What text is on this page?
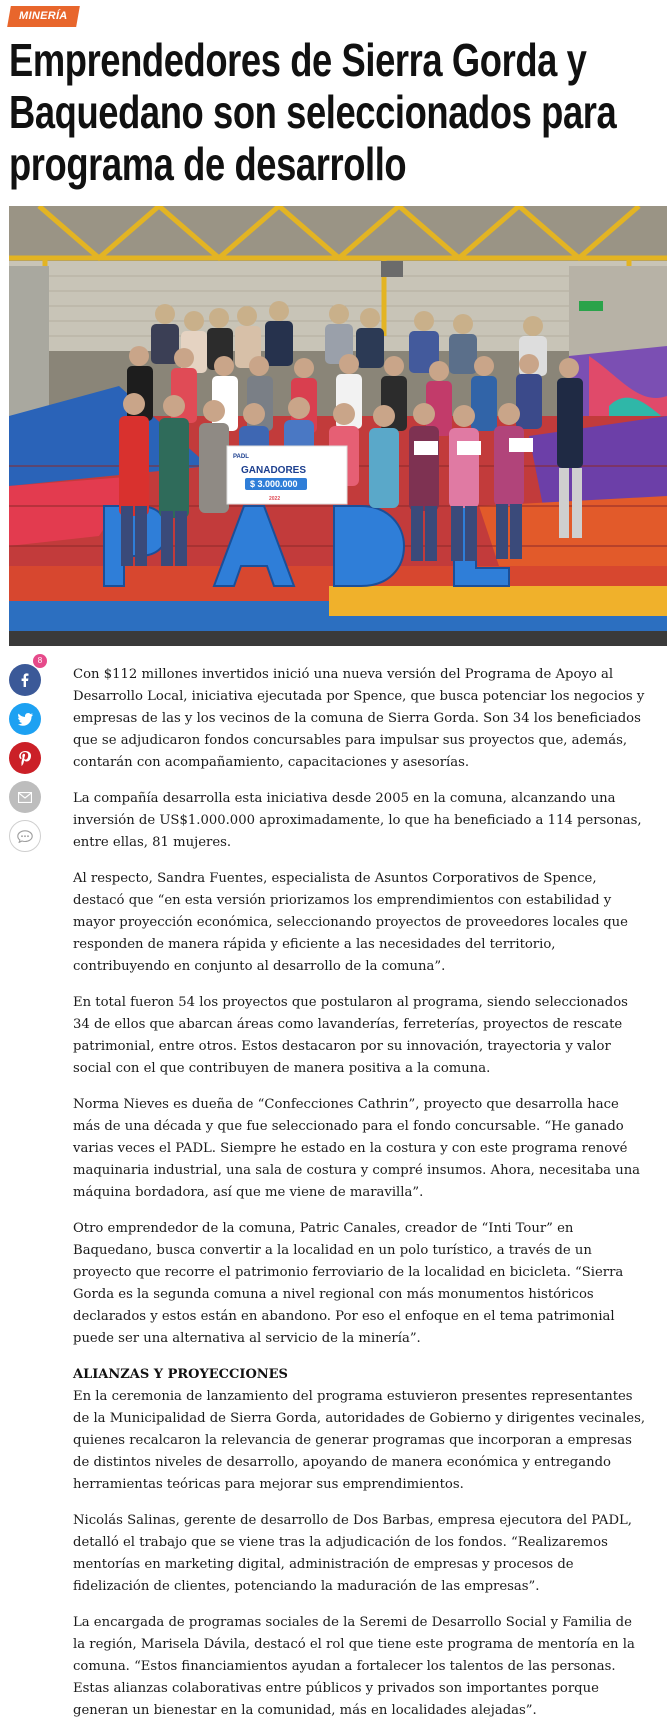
MINERÍA
Emprendedores de Sierra Gorda y Baquedano son seleccionados para programa de desarrollo
PADL
GANADORES
$ 3.000.000
2022
8

Con $112 millones invertidos inició una nueva versión del Programa de Apoyo al Desarrollo Local, iniciativa ejecutada por Spence, que busca potenciar los negocios y empresas de las y los vecinos de la comuna de Sierra Gorda. Son 34 los beneficiados que se adjudicaron fondos concursables para impulsar sus proyectos que, además, contarán con acompañamiento, capacitaciones y asesorías.

La compañía desarrolla esta iniciativa desde 2005 en la comuna, alcanzando una inversión de US$1.000.000 aproximadamente, lo que ha beneficiado a 114 personas, entre ellas, 81 mujeres.

Al respecto, Sandra Fuentes, especialista de Asuntos Corporativos de Spence, destacó que “en esta versión priorizamos los emprendimientos con estabilidad y mayor proyección económica, seleccionando proyectos de proveedores locales que responden de manera rápida y eficiente a las necesidades del territorio, contribuyendo en conjunto al desarrollo de la comuna”.

En total fueron 54 los proyectos que postularon al programa, siendo seleccionados 34 de ellos que abarcan áreas como lavanderías, ferreterías, proyectos de rescate patrimonial, entre otros. Estos destacaron por su innovación, trayectoria y valor social con el que contribuyen de manera positiva a la comuna.

Norma Nieves es dueña de “Confecciones Cathrin”, proyecto que desarrolla hace más de una década y que fue seleccionado para el fondo concursable. “He ganado varias veces el PADL. Siempre he estado en la costura y con este programa renové maquinaria industrial, una sala de costura y compré insumos. Ahora, necesitaba una máquina bordadora, así que me viene de maravilla”.

Otro emprendedor de la comuna, Patric Canales, creador de “Inti Tour” en Baquedano, busca convertir a la localidad en un polo turístico, a través de un proyecto que recorre el patrimonio ferroviario de la localidad en bicicleta. “Sierra Gorda es la segunda comuna a nivel regional con más monumentos históricos declarados y estos están en abandono. Por eso el enfoque en el tema patrimonial puede ser una alternativa al servicio de la minería”.

ALIANZAS Y PROYECCIONES

En la ceremonia de lanzamiento del programa estuvieron presentes representantes de la Municipalidad de Sierra Gorda, autoridades de Gobierno y dirigentes vecinales, quienes recalcaron la relevancia de generar programas que incorporan a empresas de distintos niveles de desarrollo, apoyando de manera económica y entregando herramientas teóricas para mejorar sus emprendimientos.

Nicolás Salinas, gerente de desarrollo de Dos Barbas, empresa ejecutora del PADL, detalló el trabajo que se viene tras la adjudicación de los fondos. “Realizaremos mentorías en marketing digital, administración de empresas y procesos de fidelización de clientes, potenciando la maduración de las empresas”.

La encargada de programas sociales de la Seremi de Desarrollo Social y Familia de la región, Marisela Dávila, destacó el rol que tiene este programa de mentoría en la comuna. “Estos financiamientos ayudan a fortalecer los talentos de las personas. Estas alianzas colaborativas entre públicos y privados son importantes porque generan un bienestar en la comunidad, más en localidades alejadas”.
